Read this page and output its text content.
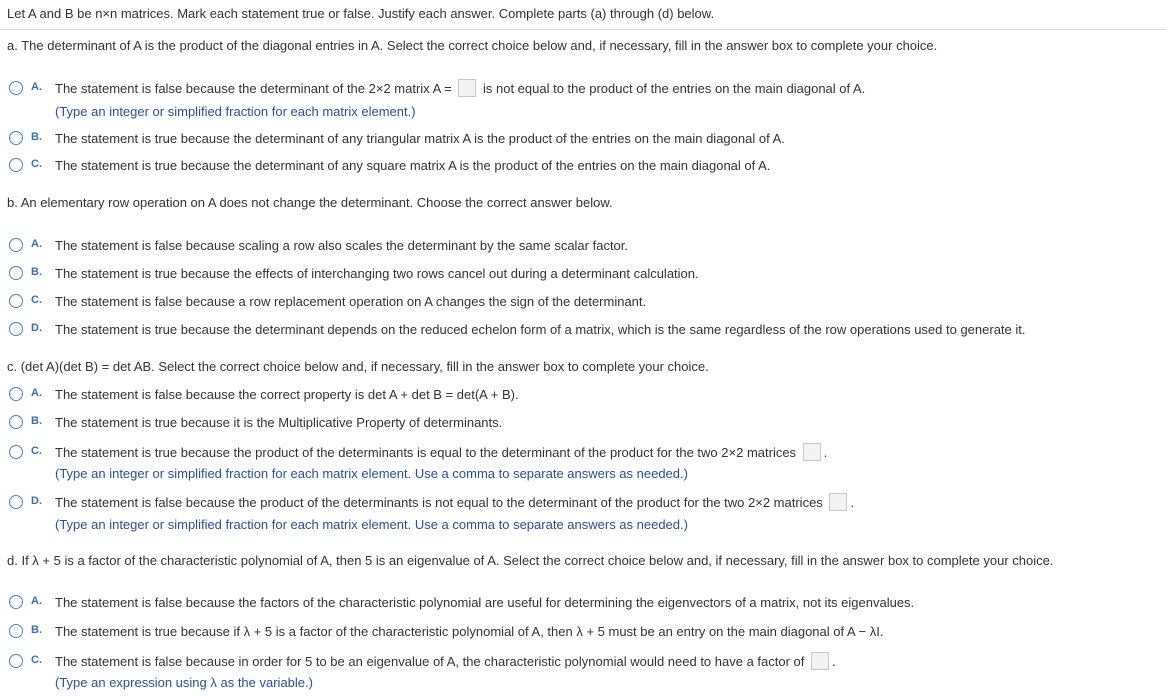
Let A and B be n×n matrices. Mark each statement true or false. Justify each answer. Complete parts (a) through (d) below.
a. The determinant of A is the product of the diagonal entries in A. Select the correct choice below and, if necessary, fill in the answer box to complete your choice.
A. The statement is false because the determinant of the 2×2 matrix A = is not equal to the product of the entries on the main diagonal of A.
(Type an integer or simplified fraction for each matrix element.)
B. The statement is true because the determinant of any triangular matrix A is the product of the entries on the main diagonal of A.
C. The statement is true because the determinant of any square matrix A is the product of the entries on the main diagonal of A.
b. An elementary row operation on A does not change the determinant. Choose the correct answer below.
A. The statement is false because scaling a row also scales the determinant by the same scalar factor.
B. The statement is true because the effects of interchanging two rows cancel out during a determinant calculation.
C. The statement is false because a row replacement operation on A changes the sign of the determinant.
D. The statement is true because the determinant depends on the reduced echelon form of a matrix, which is the same regardless of the row operations used to generate it.
c. (det A)(det B) = det AB. Select the correct choice below and, if necessary, fill in the answer box to complete your choice.
A. The statement is false because the correct property is det A + det B = det(A + B).
B. The statement is true because it is the Multiplicative Property of determinants.
C. The statement is true because the product of the determinants is equal to the determinant of the product for the two 2×2 matrices .
(Type an integer or simplified fraction for each matrix element. Use a comma to separate answers as needed.)
D. The statement is false because the product of the determinants is not equal to the determinant of the product for the two 2×2 matrices .
(Type an integer or simplified fraction for each matrix element. Use a comma to separate answers as needed.)
d. If λ + 5 is a factor of the characteristic polynomial of A, then 5 is an eigenvalue of A. Select the correct choice below and, if necessary, fill in the answer box to complete your choice.
A. The statement is false because the factors of the characteristic polynomial are useful for determining the eigenvectors of a matrix, not its eigenvalues.
B. The statement is true because if λ + 5 is a factor of the characteristic polynomial of A, then λ + 5 must be an entry on the main diagonal of A − λI.
C. The statement is false because in order for 5 to be an eigenvalue of A, the characteristic polynomial would need to have a factor of .
(Type an expression using λ as the variable.)
